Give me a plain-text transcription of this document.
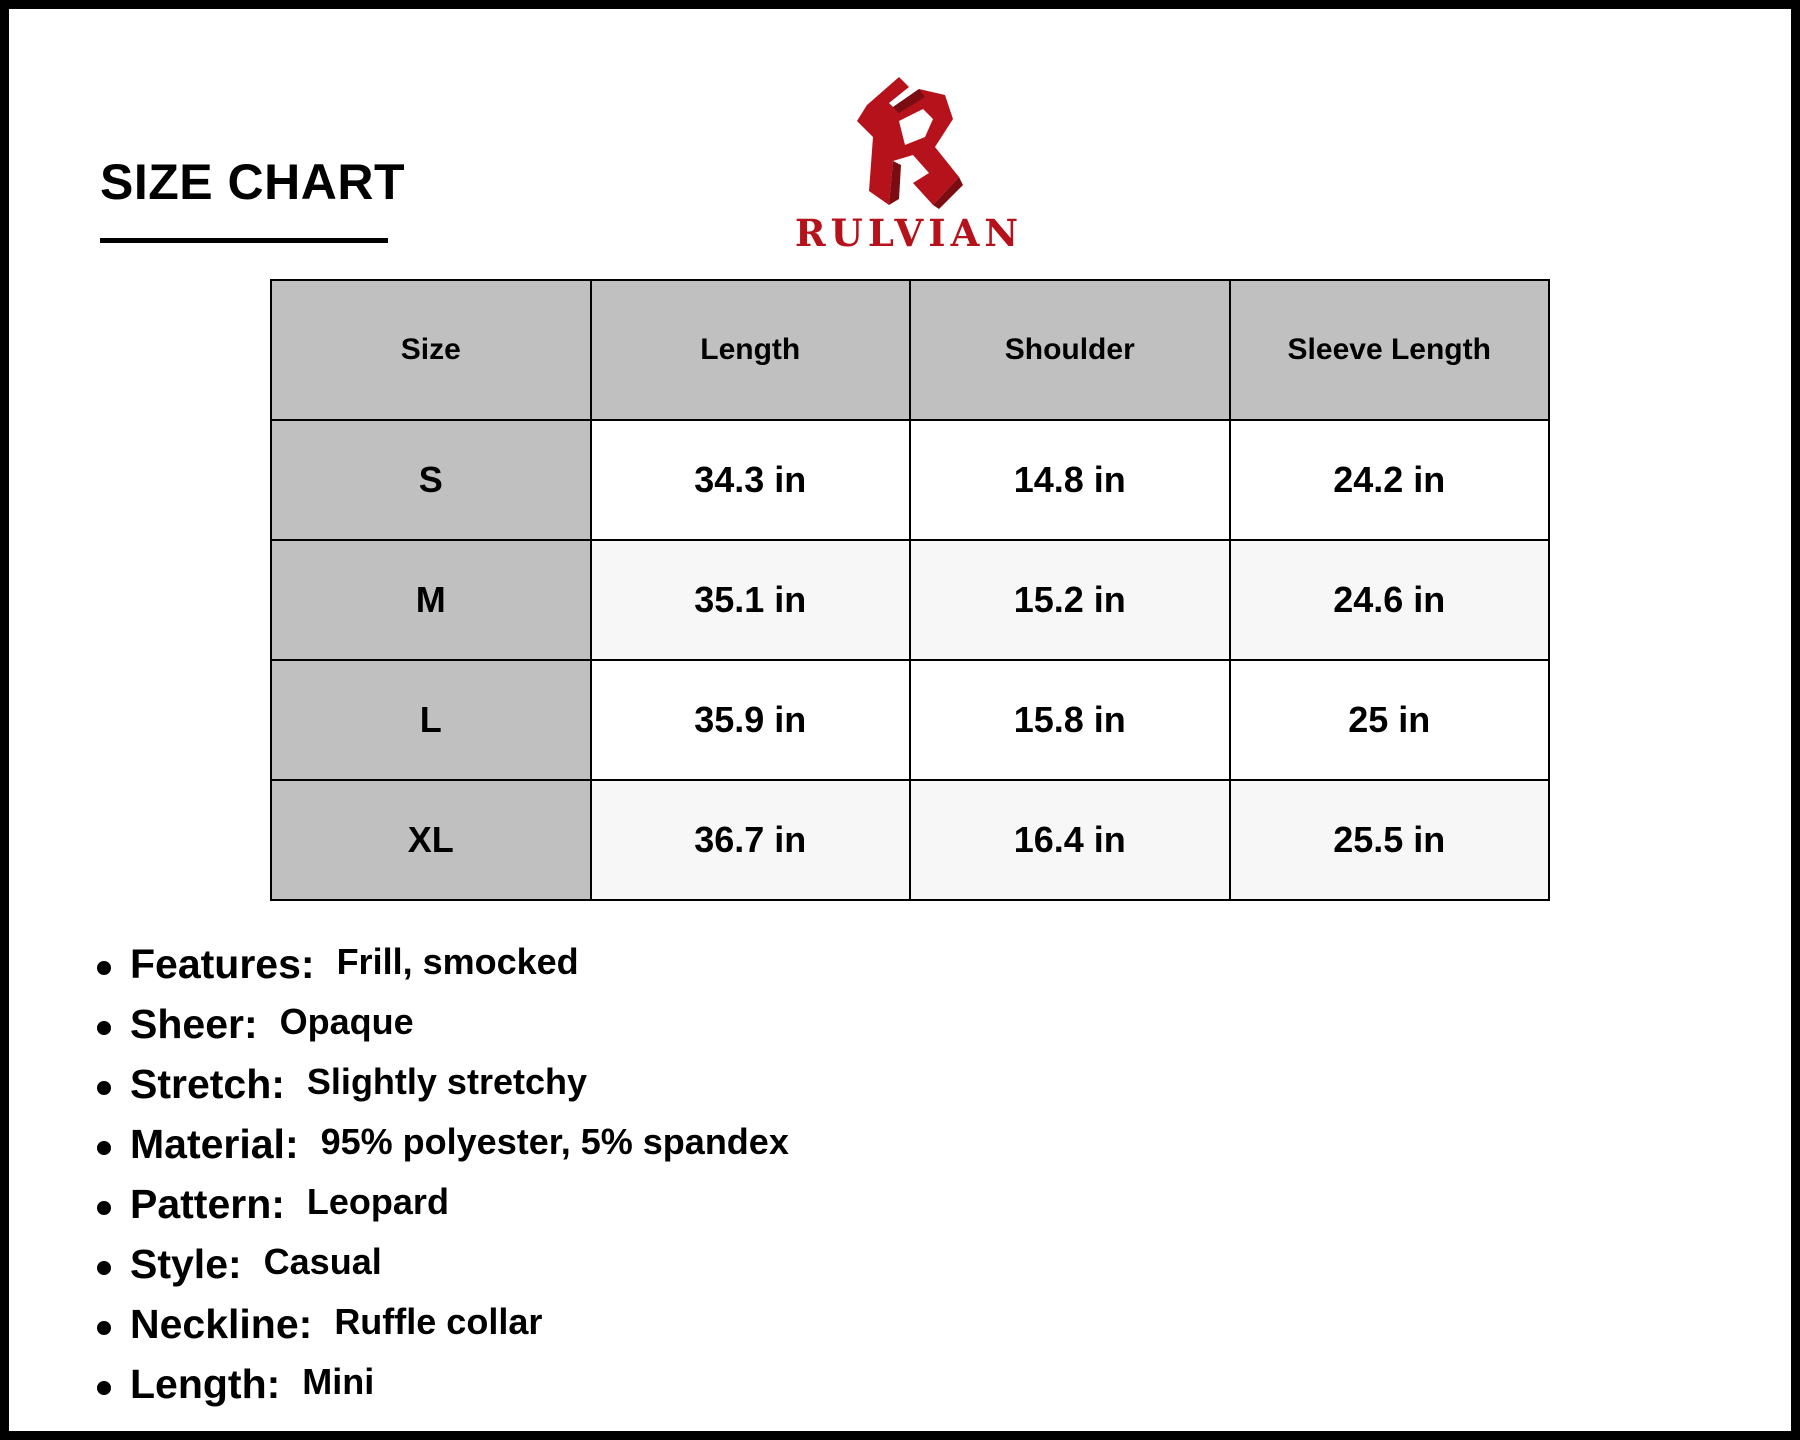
SIZE CHART
RULVIAN
Size	Length	Shoulder	Sleeve Length
S	34.3 in	14.8 in	24.2 in
M	35.1 in	15.2 in	24.6 in
L	35.9 in	15.8 in	25 in
XL	36.7 in	16.4 in	25.5 in
Features: Frill, smocked
Sheer: Opaque
Stretch: Slightly stretchy
Material: 95% polyester, 5% spandex
Pattern: Leopard
Style: Casual
Neckline: Ruffle collar
Length: Mini
